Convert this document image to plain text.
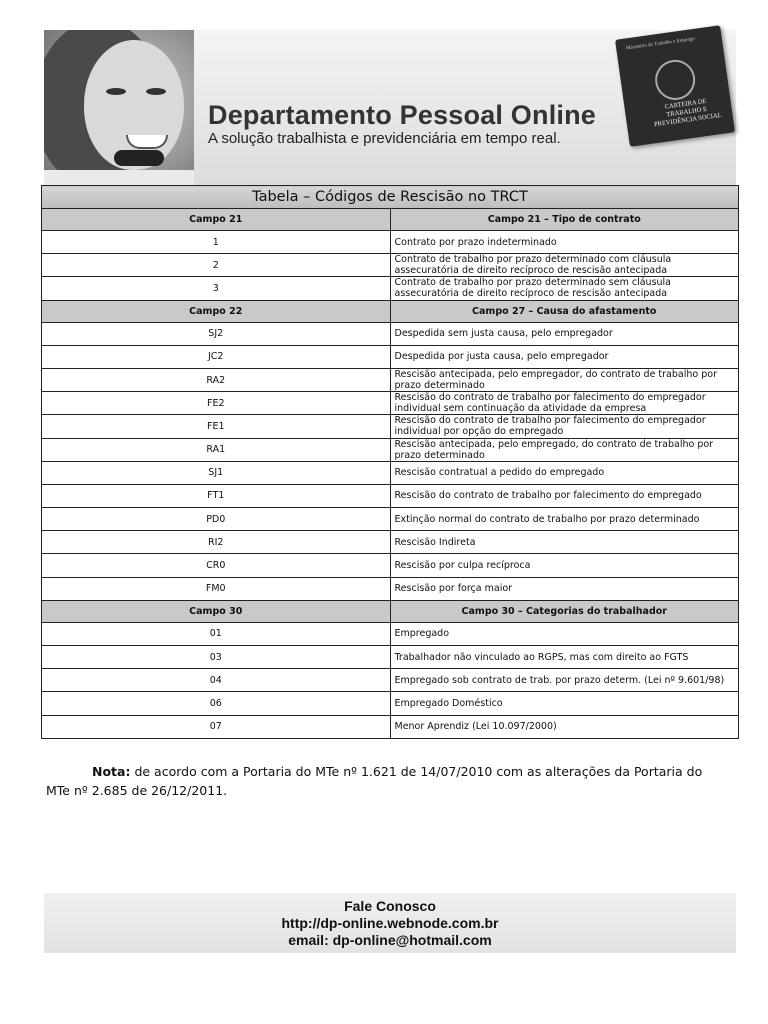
Departamento Pessoal Online

A solução trabalhista e previdenciária em tempo real.

Ministério do Trabalho e Emprego
CARTEIRA DE TRABALHO E PREVIDÊNCIA SOCIAL
Tabela – Códigos de Rescisão no TRCT	
Campo 21	Campo 21 – Tipo de contrato
1	Contrato por prazo indeterminado
2	Contrato de trabalho por prazo determinado com cláusula assecuratória de direito recíproco de rescisão antecipada
3	Contrato de trabalho por prazo determinado sem cláusula assecuratória de direito recíproco de rescisão antecipada
Campo 22	Campo 27 – Causa do afastamento
SJ2	Despedida sem justa causa, pelo empregador
JC2	Despedida por justa causa, pelo empregador
RA2	Rescisão antecipada, pelo empregador, do contrato de trabalho por prazo determinado
FE2	Rescisão do contrato de trabalho por falecimento do empregador individual sem continuação da atividade da empresa
FE1	Rescisão do contrato de trabalho por falecimento do empregador individual por opção do empregado
RA1	Rescisão antecipada, pelo empregado, do contrato de trabalho por prazo determinado
SJ1	Rescisão contratual a pedido do empregado
FT1	Rescisão do contrato de trabalho por falecimento do empregado
PD0	Extinção normal do contrato de trabalho por prazo determinado
RI2	Rescisão Indireta
CR0	Rescisão por culpa recíproca
FM0	Rescisão por força maior
Campo 30	Campo 30 – Categorias do trabalhador
01	Empregado
03	Trabalhador não vinculado ao RGPS, mas com direito ao FGTS
04	Empregado sob contrato de trab. por prazo determ. (Lei nº 9.601/98)
06	Empregado Doméstico
07	Menor Aprendiz (Lei 10.097/2000)

Nota: de acordo com a Portaria do MTe nº 1.621 de 14/07/2010 com as alterações da Portaria do MTe nº 2.685 de 26/12/2011.

Fale Conosco
http://dp-online.webnode.com.br
email: dp-online@hotmail.com
